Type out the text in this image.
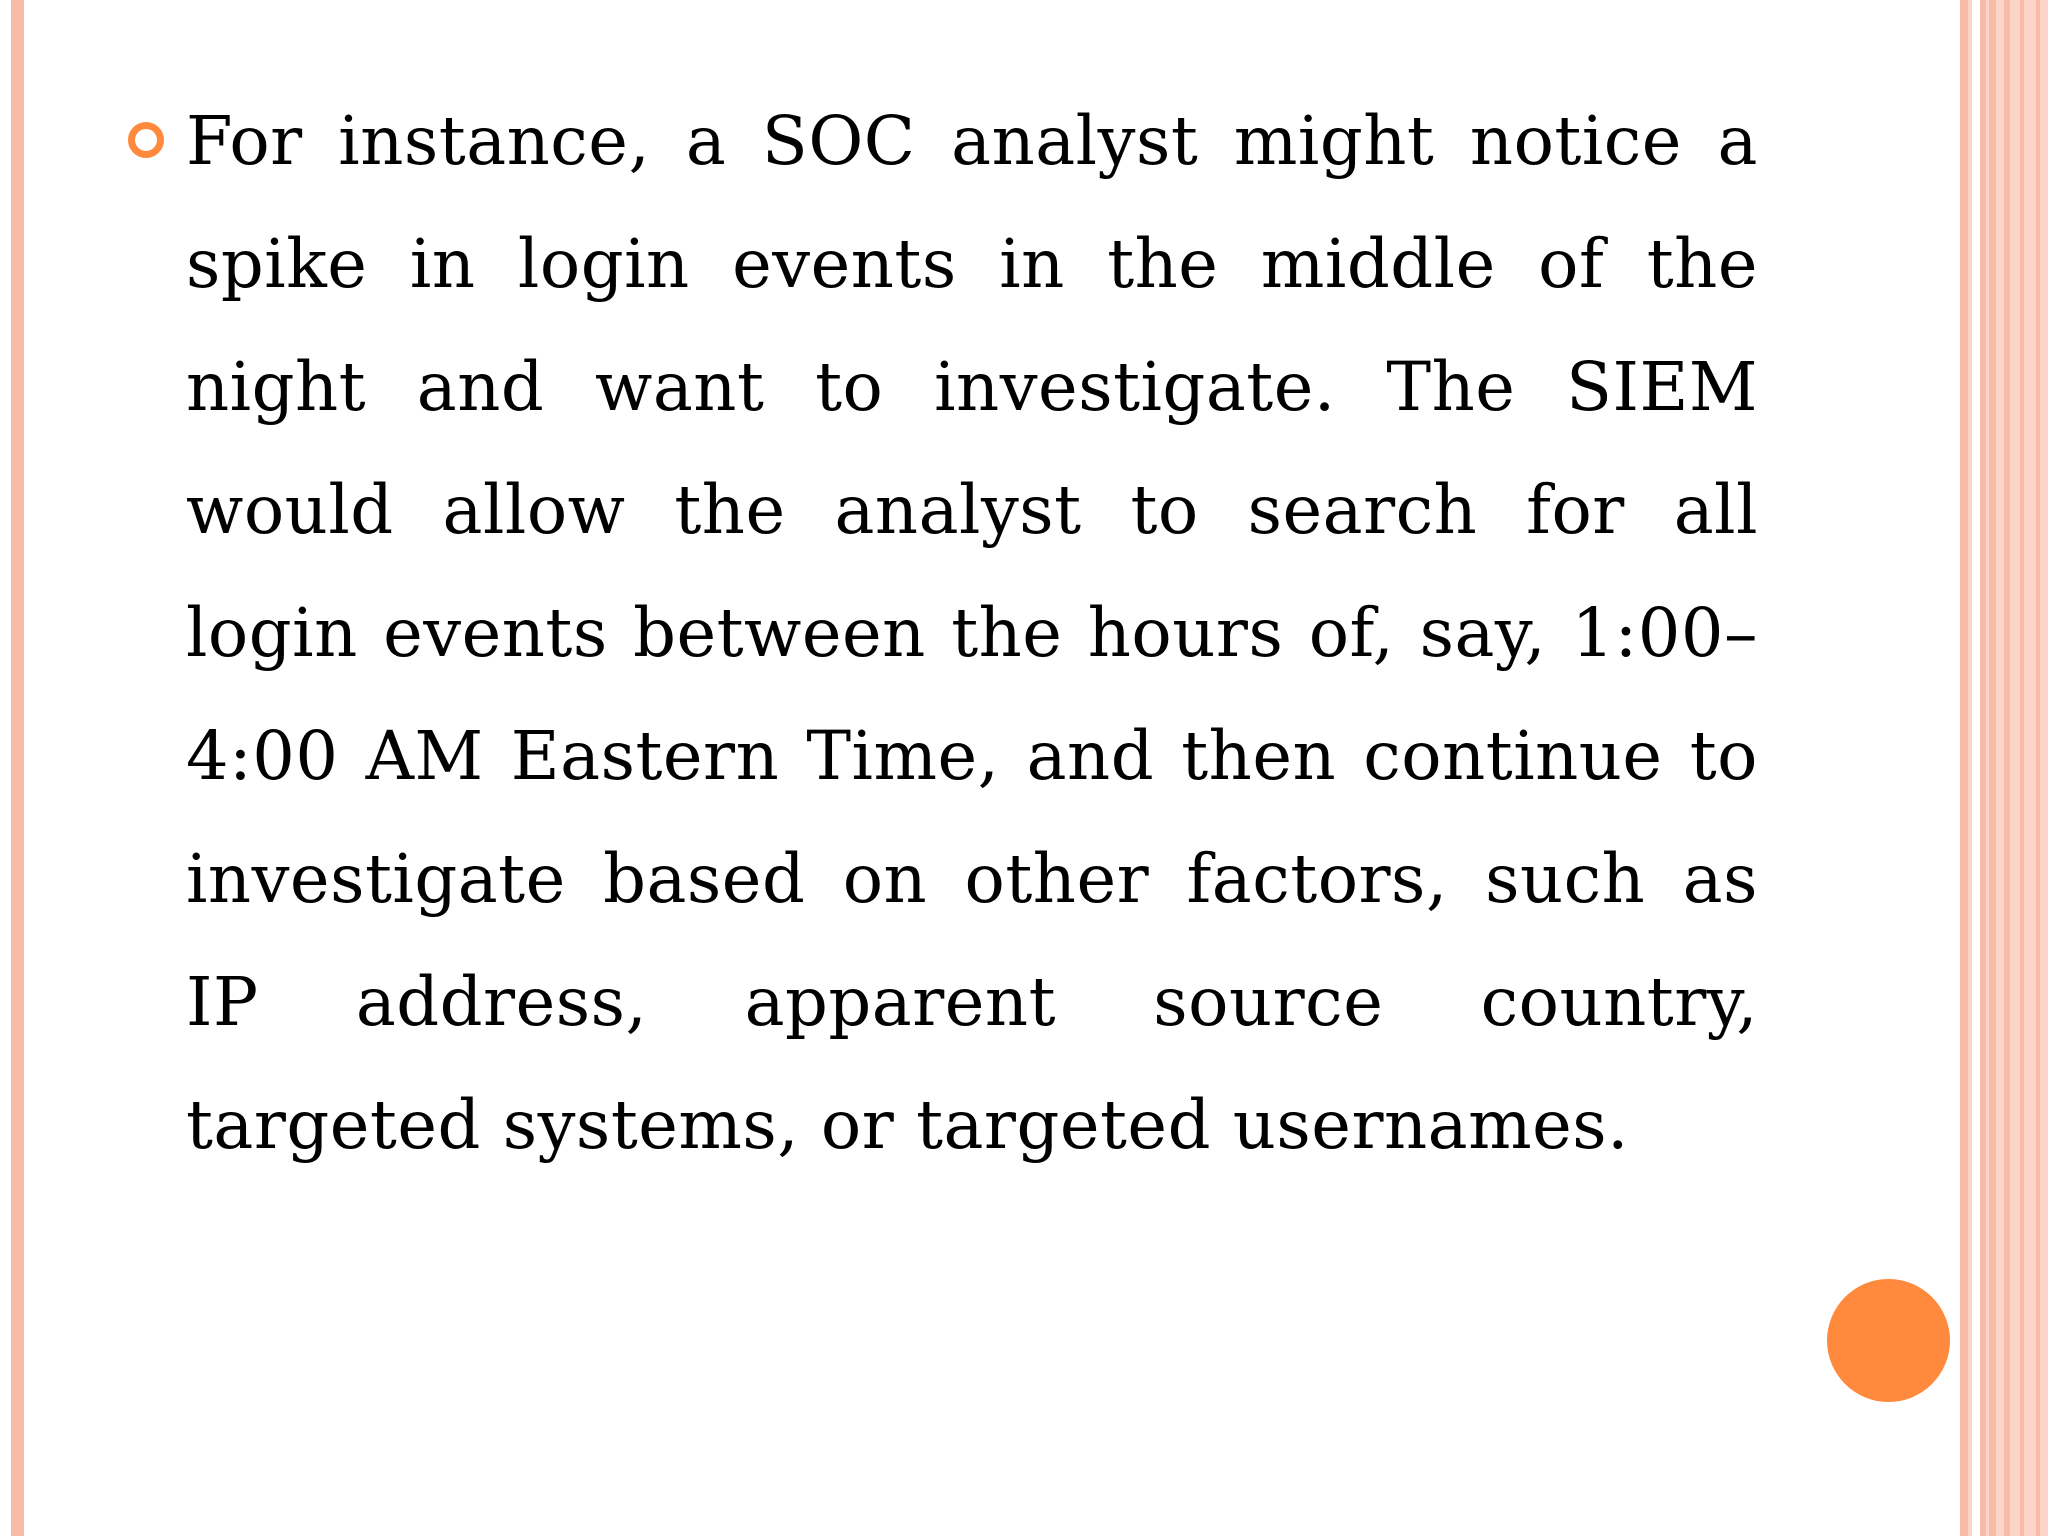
For instance, a SOC analyst might notice a spike in login events in the middle of the night and want to investigate. The SIEM would allow the analyst to search for all login events between the hours of, say, 1:00–4:00 AM Eastern Time, and then continue to investigate based on other factors, such as IP address, apparent source country, targeted systems, or targeted usernames.
